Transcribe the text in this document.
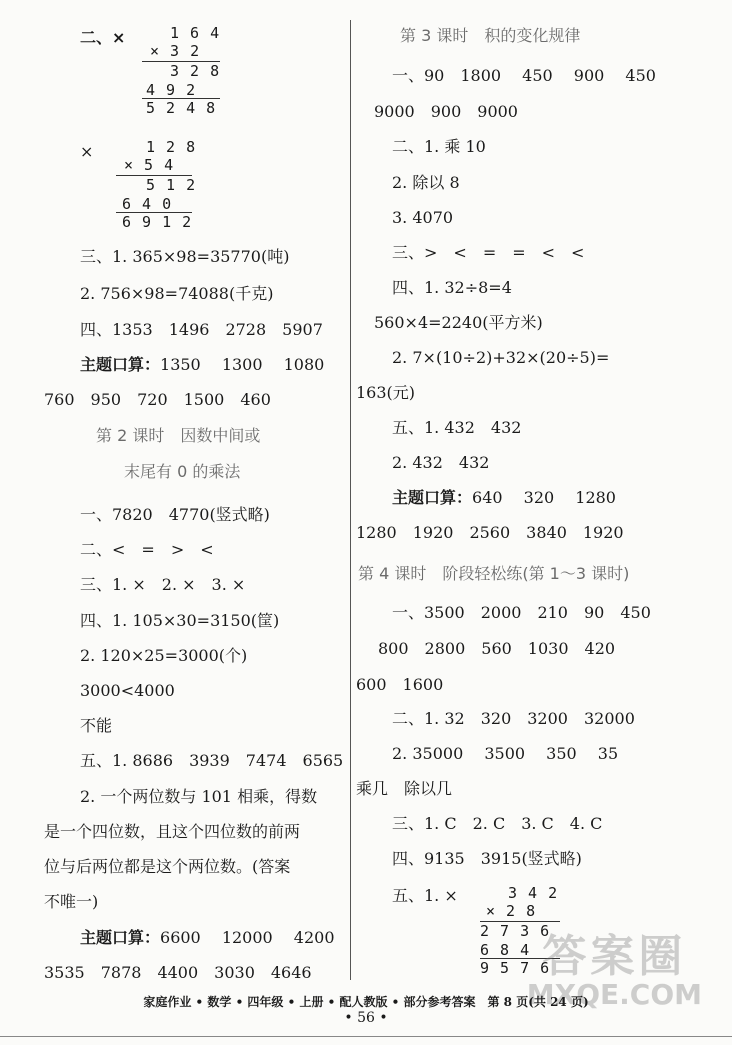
二、×	1 6 4
× 3 2
3 2 8
4 9 2
5 2 4 8
×	1 2 8
× 5 4
5 1 2
6 4 0
6 9 1 2
三、1. 365×98=35770(吨)
2. 756×98=74088(千克)
四、1353　1496　2728　5907
主题口算：1350　 1300　 1080
760　950　720　1500　460
第 2 课时　因数中间或
末尾有 0 的乘法
一、7820　4770(竖式略)
二、<　=　>　<
三、1. ×　2. ×　3. ×
四、1. 105×30=3150(筐)
2. 120×25=3000(个)
3000<4000
不能
五、1. 8686　3939　7474　6565
2. 一个两位数与 101 相乘，得数
是一个四位数，且这个四位数的前两
位与后两位都是这个两位数。(答案
不唯一)
主题口算：6600　 12000　 4200
3535　7878　4400　3030　4646
第 3 课时　积的变化规律
一、90　1800　 450　 900　 450
9000　900　9000
二、1. 乘 10
2. 除以 8
3. 4070
三、>　<　=　=　<　<
四、1. 32÷8=4
560×4=2240(平方米)
2. 7×(10÷2)+32×(20÷5)=
163(元)
五、1. 432　432
2. 432　432
主题口算：640　 320　 1280
1280　1920　2560　3840　1920
第 4 课时　阶段轻松练(第 1～3 课时)
一、3500　2000　210　90　450
800　2800　560　1030　420
600　1600
二、1. 32　320　3200　32000
2. 35000　 3500　 350　 35
乘几　除以几
三、1. C　2. C　3. C　4. C
四、9135　3915(竖式略)
五、1. ×	3 4 2
× 2 8
2 7 3 6
6 8 4
9 5 7 6
答案圈
MXQE.COM
家庭作业 • 数学 • 四年级 • 上册 • 配人教版 • 部分参考答案　第 8 页(共 24 页)
• 56 •
